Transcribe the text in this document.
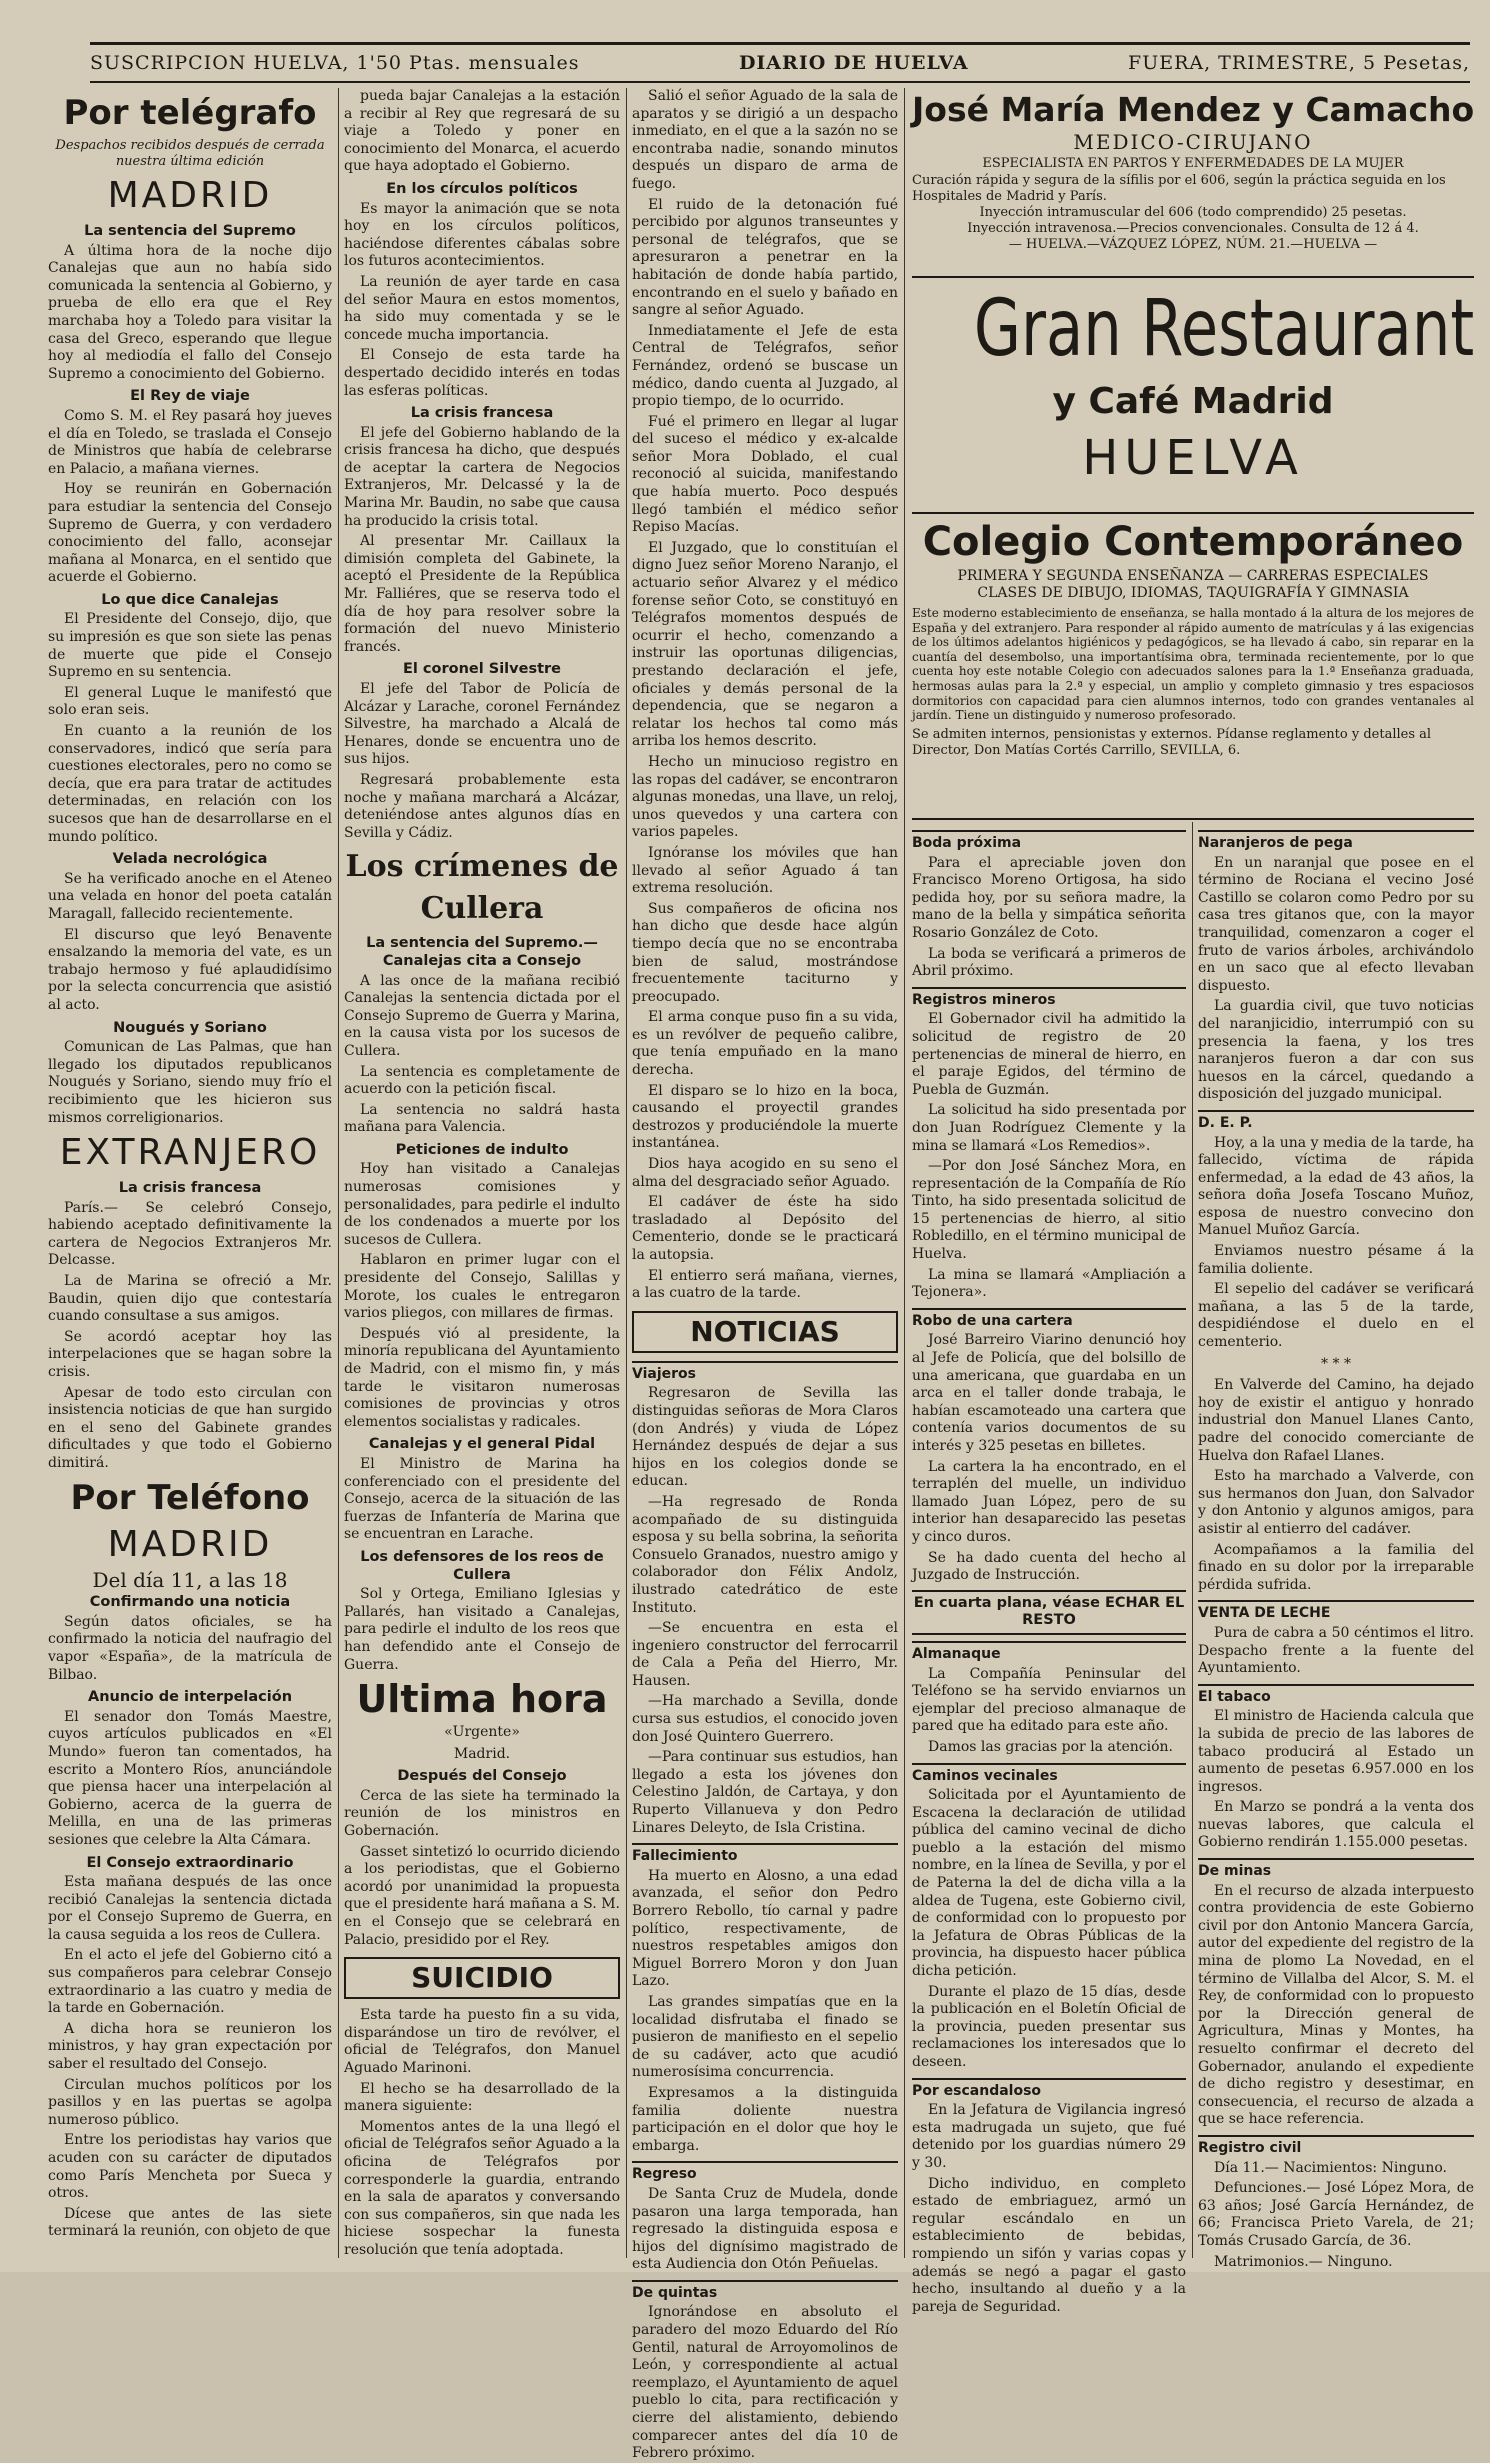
SUSCRIPCION HUELVA, 1'50 Ptas. mensuales	DIARIO DE HUELVA	FUERA, TRIMESTRE, 5 Pesetas,
Por telégrafo
Despachos recibidos después de cerrada nuestra última edición
MADRID
La sentencia del Supremo

A última hora de la noche dijo Canalejas que aun no había sido comunicada la sentencia al Gobierno, y prueba de ello era que el Rey marchaba hoy a Toledo para visitar la casa del Greco, esperando que llegue hoy al mediodía el fallo del Consejo Supremo a conocimiento del Gobierno.

El Rey de viaje

Como S. M. el Rey pasará hoy jueves el día en Toledo, se traslada el Consejo de Ministros que había de celebrarse en Palacio, a mañana viernes.

Hoy se reunirán en Gobernación para estudiar la sentencia del Consejo Supremo de Guerra, y con verdadero conocimiento del fallo, aconsejar mañana al Monarca, en el sentido que acuerde el Gobierno.

Lo que dice Canalejas

El Presidente del Consejo, dijo, que su impresión es que son siete las penas de muerte que pide el Consejo Supremo en su sentencia.

El general Luque le manifestó que solo eran seis.

En cuanto a la reunión de los conservadores, indicó que sería para cuestiones electorales, pero no como se decía, que era para tratar de actitudes determinadas, en relación con los sucesos que han de desarrollarse en el mundo político.

Velada necrológica

Se ha verificado anoche en el Ateneo una velada en honor del poeta catalán Maragall, fallecido recientemente.

El discurso que leyó Benavente ensalzando la memoria del vate, es un trabajo hermoso y fué aplaudidísimo por la selecta concurrencia que asistió al acto.

Nougués y Soriano

Comunican de Las Palmas, que han llegado los diputados republicanos Nougués y Soriano, siendo muy frío el recibimiento que les hicieron sus mismos correligionarios.

EXTRANJERO
La crisis francesa

París.— Se celebró Consejo, habiendo aceptado definitivamente la cartera de Negocios Extranjeros Mr. Delcasse.

La de Marina se ofreció a Mr. Baudin, quien dijo que contestaría cuando consultase a sus amigos.

Se acordó aceptar hoy las interpelaciones que se hagan sobre la crisis.

Apesar de todo esto circulan con insistencia noticias de que han surgido en el seno del Gabinete grandes dificultades y que todo el Gobierno dimitirá.

Por Teléfono
MADRID
Del día 11, a las 18
Confirmando una noticia

Según datos oficiales, se ha confirmado la noticia del naufragio del vapor «España», de la matrícula de Bilbao.

Anuncio de interpelación

El senador don Tomás Maestre, cuyos artículos publicados en «El Mundo» fueron tan comentados, ha escrito a Montero Ríos, anunciándole que piensa hacer una interpelación al Gobierno, acerca de la guerra de Melilla, en una de las primeras sesiones que celebre la Alta Cámara.

El Consejo extraordinario

Esta mañana después de las once recibió Canalejas la sentencia dictada por el Consejo Supremo de Guerra, en la causa seguida a los reos de Cullera.

En el acto el jefe del Gobierno citó a sus compañeros para celebrar Consejo extraordinario a las cuatro y media de la tarde en Gobernación.

A dicha hora se reunieron los ministros, y hay gran expectación por saber el resultado del Consejo.

Circulan muchos políticos por los pasillos y en las puertas se agolpa numeroso público.

Entre los periodistas hay varios que acuden con su carácter de diputados como París Mencheta por Sueca y otros.

Dícese que antes de las siete terminará la reunión, con objeto de que

pueda bajar Canalejas a la estación a recibir al Rey que regresará de su viaje a Toledo y poner en conocimiento del Monarca, el acuerdo que haya adoptado el Gobierno.

En los círculos políticos

Es mayor la animación que se nota hoy en los círculos políticos, haciéndose diferentes cábalas sobre los futuros acontecimientos.

La reunión de ayer tarde en casa del señor Maura en estos momentos, ha sido muy comentada y se le concede mucha importancia.

El Consejo de esta tarde ha despertado decidido interés en todas las esferas políticas.

La crisis francesa

El jefe del Gobierno hablando de la crisis francesa ha dicho, que después de aceptar la cartera de Negocios Extranjeros, Mr. Delcassé y la de Marina Mr. Baudin, no sabe que causa ha producido la crisis total.

Al presentar Mr. Caillaux la dimisión completa del Gabinete, la aceptó el Presidente de la República Mr. Falliéres, que se reserva todo el día de hoy para resolver sobre la formación del nuevo Ministerio francés.

El coronel Silvestre

El jefe del Tabor de Policía de Alcázar y Larache, coronel Fernández Silvestre, ha marchado a Alcalá de Henares, donde se encuentra uno de sus hijos.

Regresará probablemente esta noche y mañana marchará a Alcázar, deteniéndose antes algunos días en Sevilla y Cádiz.

Los crímenes de Cullera
La sentencia del Supremo.— Canalejas cita a Consejo

A las once de la mañana recibió Canalejas la sentencia dictada por el Consejo Supremo de Guerra y Marina, en la causa vista por los sucesos de Cullera.

La sentencia es completamente de acuerdo con la petición fiscal.

La sentencia no saldrá hasta mañana para Valencia.

Peticiones de indulto

Hoy han visitado a Canalejas numerosas comisiones y personalidades, para pedirle el indulto de los condenados a muerte por los sucesos de Cullera.

Hablaron en primer lugar con el presidente del Consejo, Salillas y Morote, los cuales le entregaron varios pliegos, con millares de firmas.

Después vió al presidente, la minoría republicana del Ayuntamiento de Madrid, con el mismo fin, y más tarde le visitaron numerosas comisiones de provincias y otros elementos socialistas y radicales.

Canalejas y el general Pidal

El Ministro de Marina ha conferenciado con el presidente del Consejo, acerca de la situación de las fuerzas de Infantería de Marina que se encuentran en Larache.

Los defensores de los reos de Cullera

Sol y Ortega, Emiliano Iglesias y Pallarés, han visitado a Canalejas, para pedirle el indulto de los reos que han defendido ante el Consejo de Guerra.

Ultima hora
«Urgente»
Madrid.
Después del Consejo

Cerca de las siete ha terminado la reunión de los ministros en Gobernación.

Gasset sintetizó lo ocurrido diciendo a los periodistas, que el Gobierno acordó por unanimidad la propuesta que el presidente hará mañana a S. M. en el Consejo que se celebrará en Palacio, presidido por el Rey.

SUICIDIO

Esta tarde ha puesto fin a su vida, disparándose un tiro de revólver, el oficial de Telégrafos, don Manuel Aguado Marinoni.

El hecho se ha desarrollado de la manera siguiente:

Momentos antes de la una llegó el oficial de Telégrafos señor Aguado a la oficina de Telégrafos por corresponderle la guardia, entrando en la sala de aparatos y conversando con sus compañeros, sin que nada les hiciese sospechar la funesta resolución que tenía adoptada.

Salió el señor Aguado de la sala de aparatos y se dirigió a un despacho inmediato, en el que a la sazón no se encontraba nadie, sonando minutos después un disparo de arma de fuego.

El ruido de la detonación fué percibido por algunos transeuntes y personal de telégrafos, que se apresuraron a penetrar en la habitación de donde había partido, encontrando en el suelo y bañado en sangre al señor Aguado.

Inmediatamente el Jefe de esta Central de Telégrafos, señor Fernández, ordenó se buscase un médico, dando cuenta al Juzgado, al propio tiempo, de lo ocurrido.

Fué el primero en llegar al lugar del suceso el médico y ex-alcalde señor Mora Doblado, el cual reconoció al suicida, manifestando que había muerto. Poco después llegó también el médico señor Repiso Macías.

El Juzgado, que lo constituían el digno Juez señor Moreno Naranjo, el actuario señor Alvarez y el médico forense señor Coto, se constituyó en Telégrafos momentos después de ocurrir el hecho, comenzando a instruir las oportunas diligencias, prestando declaración el jefe, oficiales y demás personal de la dependencia, que se negaron a relatar los hechos tal como más arriba los hemos descrito.

Hecho un minucioso registro en las ropas del cadáver, se encontraron algunas monedas, una llave, un reloj, unos quevedos y una cartera con varios papeles.

Ignóranse los móviles que han llevado al señor Aguado á tan extrema resolución.

Sus compañeros de oficina nos han dicho que desde hace algún tiempo decía que no se encontraba bien de salud, mostrándose frecuentemente taciturno y preocupado.

El arma conque puso fin a su vida, es un revólver de pequeño calibre, que tenía empuñado en la mano derecha.

El disparo se lo hizo en la boca, causando el proyectil grandes destrozos y produciéndole la muerte instantánea.

Dios haya acogido en su seno el alma del desgraciado señor Aguado.

El cadáver de éste ha sido trasladado al Depósito del Cementerio, donde se le practicará la autopsia.

El entierro será mañana, viernes, a las cuatro de la tarde.

NOTICIAS
Viajeros

Regresaron de Sevilla las distinguidas señoras de Mora Claros (don Andrés) y viuda de López Hernández después de dejar a sus hijos en los colegios donde se educan.

—Ha regresado de Ronda acompañado de su distinguida esposa y su bella sobrina, la señorita Consuelo Granados, nuestro amigo y colaborador don Félix Andolz, ilustrado catedrático de este Instituto.

—Se encuentra en esta el ingeniero constructor del ferrocarril de Cala a Peña del Hierro, Mr. Hausen.

—Ha marchado a Sevilla, donde cursa sus estudios, el conocido joven don José Quintero Guerrero.

—Para continuar sus estudios, han llegado a esta los jóvenes don Celestino Jaldón, de Cartaya, y don Ruperto Villanueva y don Pedro Linares Deleyto, de Isla Cristina.

Fallecimiento

Ha muerto en Alosno, a una edad avanzada, el señor don Pedro Borrero Rebollo, tío carnal y padre político, respectivamente, de nuestros respetables amigos don Miguel Borrero Moron y don Juan Lazo.

Las grandes simpatías que en la localidad disfrutaba el finado se pusieron de manifiesto en el sepelio de su cadáver, acto que acudió numerosísima concurrencia.

Expresamos a la distinguida familia doliente nuestra participación en el dolor que hoy le embarga.

Regreso

De Santa Cruz de Mudela, donde pasaron una larga temporada, han regresado la distinguida esposa e hijos del dignísimo magistrado de esta Audiencia don Otón Peñuelas.

De quintas

Ignorándose en absoluto el paradero del mozo Eduardo del Río Gentil, natural de Arroyomolinos de León, y correspondiente al actual reemplazo, el Ayuntamiento de aquel pueblo lo cita, para rectificación y cierre del alistamiento, debiendo comparecer antes del día 10 de Febrero próximo.

José María Mendez y Camacho
MEDICO-CIRUJANO
ESPECIALISTA EN PARTOS Y ENFERMEDADES DE LA MUJER
Curación rápida y segura de la sífilis por el 606, según la práctica seguida en los Hospitales de Madrid y París.
Inyección intramuscular del 606 (todo comprendido) 25 pesetas.
Inyección intravenosa.—Precios convencionales. Consulta de 12 á 4.
— HUELVA.—VÁZQUEZ LÓPEZ, NÚM. 21.—HUELVA —
Gran Restaurant
y Café Madrid
HUELVA
Colegio Contemporáneo
PRIMERA Y SEGUNDA ENSEÑANZA — CARRERAS ESPECIALES
CLASES DE DIBUJO, IDIOMAS, TAQUIGRAFÍA Y GIMNASIA
Este moderno establecimiento de enseñanza, se halla montado á la altura de los mejores de España y del extranjero. Para responder al rápido aumento de matrículas y á las exigencias de los últimos adelantos higiénicos y pedagógicos, se ha llevado á cabo, sin reparar en la cuantía del desembolso, una importantísima obra, terminada recientemente, por lo que cuenta hoy este notable Colegio con adecuados salones para la 1.ª Enseñanza graduada, hermosas aulas para la 2.ª y especial, un amplio y completo gimnasio y tres espaciosos dormitorios con capacidad para cien alumnos internos, todo con grandes ventanales al jardín. Tiene un distinguido y numeroso profesorado.
Se admiten internos, pensionistas y externos. Pídanse reglamento y detalles al Director, Don Matías Cortés Carrillo, SEVILLA, 6.
Boda próxima

Para el apreciable joven don Francisco Moreno Ortigosa, ha sido pedida hoy, por su señora madre, la mano de la bella y simpática señorita Rosario González de Coto.

La boda se verificará a primeros de Abril próximo.

Registros mineros

El Gobernador civil ha admitido la solicitud de registro de 20 pertenencias de mineral de hierro, en el paraje Egidos, del término de Puebla de Guzmán.

La solicitud ha sido presentada por don Juan Rodríguez Clemente y la mina se llamará «Los Remedios».

—Por don José Sánchez Mora, en representación de la Compañía de Río Tinto, ha sido presentada solicitud de 15 pertenencias de hierro, al sitio Robledillo, en el término municipal de Huelva.

La mina se llamará «Ampliación a Tejonera».

Robo de una cartera

José Barreiro Viarino denunció hoy al Jefe de Policía, que del bolsillo de una americana, que guardaba en un arca en el taller donde trabaja, le habían escamoteado una cartera que contenía varios documentos de su interés y 325 pesetas en billetes.

La cartera la ha encontrado, en el terraplén del muelle, un individuo llamado Juan López, pero de su interior han desaparecido las pesetas y cinco duros.

Se ha dado cuenta del hecho al Juzgado de Instrucción.

En cuarta plana, véase ECHAR EL RESTO
Almanaque

La Compañía Peninsular del Teléfono se ha servido enviarnos un ejemplar del precioso almanaque de pared que ha editado para este año.

Damos las gracias por la atención.

Caminos vecinales

Solicitada por el Ayuntamiento de Escacena la declaración de utilidad pública del camino vecinal de dicho pueblo a la estación del mismo nombre, en la línea de Sevilla, y por el de Paterna la del de dicha villa a la aldea de Tugena, este Gobierno civil, de conformidad con lo propuesto por la Jefatura de Obras Públicas de la provincia, ha dispuesto hacer pública dicha petición.

Durante el plazo de 15 días, desde la publicación en el Boletín Oficial de la provincia, pueden presentar sus reclamaciones los interesados que lo deseen.

Por escandaloso

En la Jefatura de Vigilancia ingresó esta madrugada un sujeto, que fué detenido por los guardias número 29 y 30.

Dicho individuo, en completo estado de embriaguez, armó un regular escándalo en un establecimiento de bebidas, rompiendo un sifón y varias copas y además se negó a pagar el gasto hecho, insultando al dueño y a la pareja de Seguridad.

Naranjeros de pega

En un naranjal que posee en el término de Rociana el vecino José Castillo se colaron como Pedro por su casa tres gitanos que, con la mayor tranquilidad, comenzaron a coger el fruto de varios árboles, archivándolo en un saco que al efecto llevaban dispuesto.

La guardia civil, que tuvo noticias del naranjicidio, interrumpió con su presencia la faena, y los tres naranjeros fueron a dar con sus huesos en la cárcel, quedando a disposición del juzgado municipal.

D. E. P.

Hoy, a la una y media de la tarde, ha fallecido, víctima de rápida enfermedad, a la edad de 43 años, la señora doña Josefa Toscano Muñoz, esposa de nuestro convecino don Manuel Muñoz García.

Enviamos nuestro pésame á la familia doliente.

El sepelio del cadáver se verificará mañana, a las 5 de la tarde, despidiéndose el duelo en el cementerio.

* * *

En Valverde del Camino, ha dejado hoy de existir el antiguo y honrado industrial don Manuel Llanes Canto, padre del conocido comerciante de Huelva don Rafael Llanes.

Esto ha marchado a Valverde, con sus hermanos don Juan, don Salvador y don Antonio y algunos amigos, para asistir al entierro del cadáver.

Acompañamos a la familia del finado en su dolor por la irreparable pérdida sufrida.

VENTA DE LECHE

Pura de cabra a 50 céntimos el litro. Despacho frente a la fuente del Ayuntamiento.

El tabaco

El ministro de Hacienda calcula que la subida de precio de las labores de tabaco producirá al Estado un aumento de pesetas 6.957.000 en los ingresos.

En Marzo se pondrá a la venta dos nuevas labores, que calcula el Gobierno rendirán 1.155.000 pesetas.

De minas

En el recurso de alzada interpuesto contra providencia de este Gobierno civil por don Antonio Mancera García, autor del expediente del registro de la mina de plomo La Novedad, en el término de Villalba del Alcor, S. M. el Rey, de conformidad con lo propuesto por la Dirección general de Agricultura, Minas y Montes, ha resuelto confirmar el decreto del Gobernador, anulando el expediente de dicho registro y desestimar, en consecuencia, el recurso de alzada a que se hace referencia.

Registro civil

Día 11.— Nacimientos: Ninguno.

Defunciones.— José López Mora, de 63 años; José García Hernández, de 66; Francisca Prieto Varela, de 21; Tomás Crusado García, de 36.

Matrimonios.— Ninguno.
